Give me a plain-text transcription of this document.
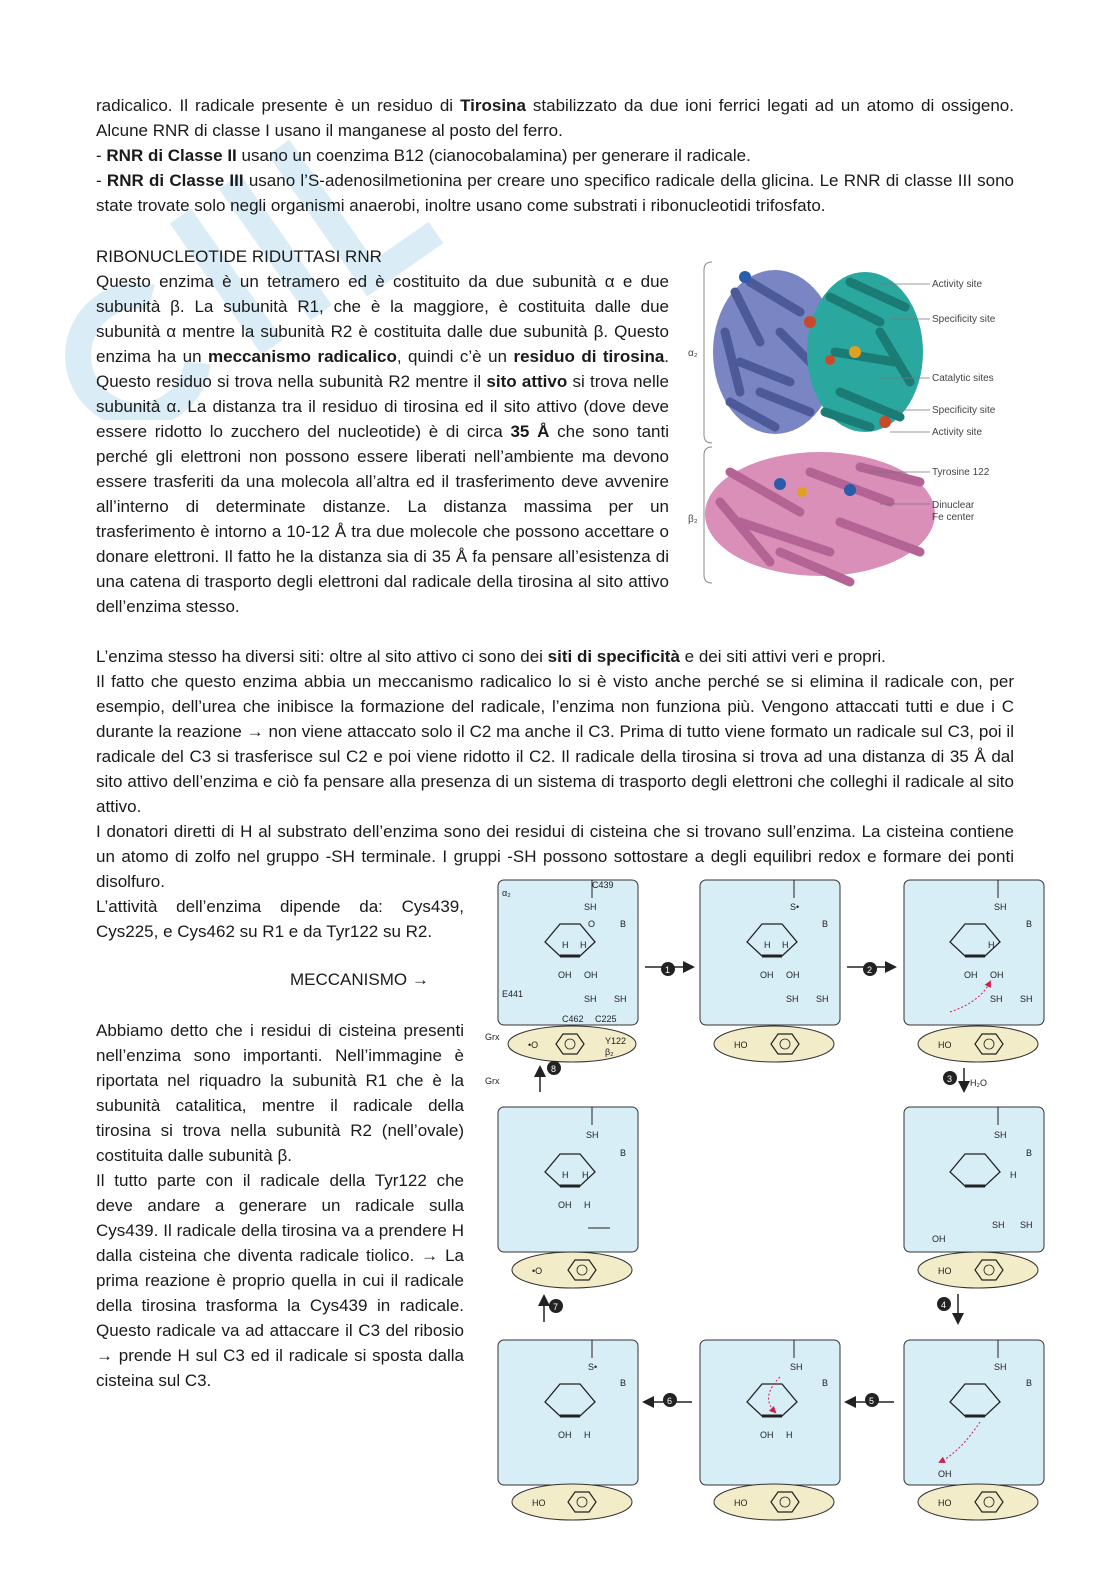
radicalico. Il radicale presente è un residuo di Tirosina stabilizzato da due ioni ferrici legati ad un atomo di ossigeno. Alcune RNR di classe I usano il manganese al posto del ferro.
- RNR di Classe II usano un coenzima B12 (cianocobalamina) per generare il radicale.
- RNR di Classe III usano l’S-adenosilmetionina per creare uno specifico radicale della glicina. Le RNR di classe III sono state trovate solo negli organismi anaerobi, inoltre usano come substrati i ribonucleotidi trifosfato.
RIBONUCLEOTIDE RIDUTTASI RNR
Questo enzima è un tetramero ed è costituito da due subunità α e due subunità β. La subunità R1, che è la maggiore, è costituita dalle due subunità α mentre la subunità R2 è costituita dalle due subunità β. Questo enzima ha un meccanismo radicalico, quindi c’è un residuo di tirosina. Questo residuo si trova nella subunità R2 mentre il sito attivo si trova nelle subunità α. La distanza tra il residuo di tirosina ed il sito attivo (dove deve essere ridotto lo zucchero del nucleotide) è di circa 35 Å che sono tanti perché gli elettroni non possono essere liberati nell’ambiente ma devono essere trasferiti da una molecola all’altra ed il trasferimento deve avvenire all’interno di determinate distanze. La distanza massima per un trasferimento è intorno a 10-12 Å tra due molecole che possono accettare o donare elettroni. Il fatto he la distanza sia di 35 Å fa pensare all’esistenza di una catena di trasporto degli elettroni dal radicale della tirosina al sito attivo dell’enzima stesso.
α₂
β₂
Activity site
Specificity site
Catalytic sites
Specificity site
Activity site
Tyrosine 122
Dinuclear
Fe center
L’enzima stesso ha diversi siti: oltre al sito attivo ci sono dei siti di specificità e dei siti attivi veri e propri.
Il fatto che questo enzima abbia un meccanismo radicalico lo si è visto anche perché se si elimina il radicale con, per esempio, dell’urea che inibisce la formazione del radicale, l’enzima non funziona più. Vengono attaccati tutti e due i C durante la reazione → non viene attaccato solo il C2 ma anche il C3. Prima di tutto viene formato un radicale sul C3, poi il radicale del C3 si trasferisce sul C2 e poi viene ridotto il C2. Il radicale della tirosina si trova ad una distanza di 35 Å dal sito attivo dell’enzima e ciò fa pensare alla presenza di un sistema di trasporto degli elettroni che colleghi il radicale al sito attivo.
I donatori diretti di H al substrato dell’enzima sono dei residui di cisteina che si trovano sull’enzima. La cisteina contiene un atomo di zolfo nel gruppo -SH terminale. I gruppi -SH possono sottostare a degli equilibri redox e formare dei ponti disolfuro.
L’attività dell’enzima dipende da: Cys439, Cys225, e Cys462 su R1 e da Tyr122 su R2.
MECCANISMO →
Abbiamo detto che i residui di cisteina presenti nell’enzima sono importanti. Nell’immagine è riportata nel riquadro la subunità R1 che è la subunità catalitica, mentre il radicale della tirosina si trova nella subunità R2 (nell’ovale) costituita dalle subunità β.
Il tutto parte con il radicale della Tyr122 che deve andare a generare un radicale sulla Cys439. Il radicale della tirosina va a prendere H dalla cisteina che diventa radicale tiolico. → La prima reazione è proprio quella in cui il radicale della tirosina trasforma la Cys439 in radicale. Questo radicale va ad attaccare il C3 del ribosio → prende H sul C3 ed il radicale si sposta dalla cisteina sul C3.
α₂
C439
SH
O	B
H H
OH OH
E441	SH SH
C462 C225
•O	Y122
β₂
1
S•
B
H H
OH OH
SH SH
HO
2
SH
B
H
OH OH
SH SH
HO
3 H₂O
Grx
Grx
8
SH
B
H H
OH H
•O
7
SH
B
H
SH SH
OH
HO
4
S•
B
OH H
HO
6
SH
B
OH H
HO
5
SH
B
OH
HO
